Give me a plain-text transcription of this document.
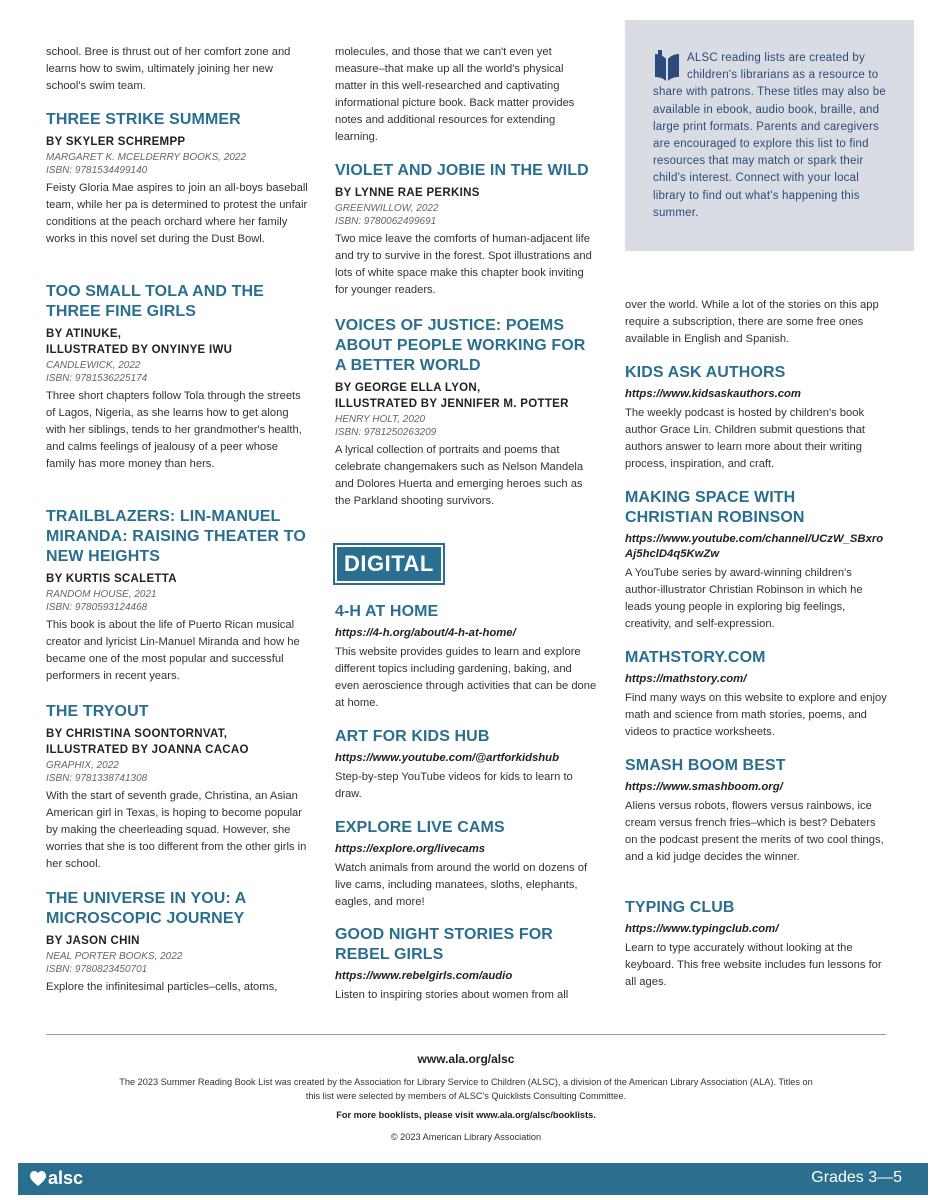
school. Bree is thrust out of her comfort zone and learns how to swim, ultimately joining her new school's swim team.
THREE STRIKE SUMMER
BY SKYLER SCHREMPP
MARGARET K. MCELDERRY BOOKS, 2022
ISBN: 9781534499140
Feisty Gloria Mae aspires to join an all-boys baseball team, while her pa is determined to protest the unfair conditions at the peach orchard where her family works in this novel set during the Dust Bowl.
TOO SMALL TOLA AND THE THREE FINE GIRLS
BY ATINUKE,
ILLUSTRATED BY ONYINYE IWU
CANDLEWICK, 2022
ISBN: 9781536225174
Three short chapters follow Tola through the streets of Lagos, Nigeria, as she learns how to get along with her siblings, tends to her grandmother's health, and calms feelings of jealousy of a peer whose family has more money than hers.
TRAILBLAZERS: LIN-MANUEL MIRANDA: RAISING THEATER TO NEW HEIGHTS
BY KURTIS SCALETTA
RANDOM HOUSE, 2021
ISBN: 9780593124468
This book is about the life of Puerto Rican musical creator and lyricist Lin-Manuel Miranda and how he became one of the most popular and successful performers in recent years.
THE TRYOUT
BY CHRISTINA SOONTORNVAT,
ILLUSTRATED BY JOANNA CACAO
GRAPHIX, 2022
ISBN: 9781338741308
With the start of seventh grade, Christina, an Asian American girl in Texas, is hoping to become popular by making the cheerleading squad. However, she worries that she is too different from the other girls in her school.
THE UNIVERSE IN YOU: A MICROSCOPIC JOURNEY
BY JASON CHIN
NEAL PORTER BOOKS, 2022
ISBN: 9780823450701
Explore the infinitesimal particles–cells, atoms,
molecules, and those that we can't even yet measure–that make up all the world's physical matter in this well-researched and captivating informational picture book. Back matter provides notes and additional resources for extending learning.
VIOLET AND JOBIE IN THE WILD
BY LYNNE RAE PERKINS
GREENWILLOW, 2022
ISBN: 9780062499691
Two mice leave the comforts of human-adjacent life and try to survive in the forest. Spot illustrations and lots of white space make this chapter book inviting for younger readers.
VOICES OF JUSTICE: POEMS ABOUT PEOPLE WORKING FOR A BETTER WORLD
BY GEORGE ELLA LYON,
ILLUSTRATED BY JENNIFER M. POTTER
HENRY HOLT, 2020
ISBN: 9781250263209
A lyrical collection of portraits and poems that celebrate changemakers such as Nelson Mandela and Dolores Huerta and emerging heroes such as the Parkland shooting survivors.
4-H AT HOME
https://4-h.org/about/4-h-at-home/
This website provides guides to learn and explore different topics including gardening, baking, and even aeroscience through activities that can be done at home.
ART FOR KIDS HUB
https://www.youtube.com/@artforkidshub
Step-by-step YouTube videos for kids to learn to draw.
EXPLORE LIVE CAMS
https://explore.org/livecams
Watch animals from around the world on dozens of live cams, including manatees, sloths, elephants, eagles, and more!
GOOD NIGHT STORIES FOR REBEL GIRLS
https://www.rebelgirls.com/audio
Listen to inspiring stories about women from all
DIGITAL
ALSC reading lists are created by children's librarians as a resource to share with patrons. These titles may also be available in ebook, audio book, braille, and large print formats. Parents and caregivers are encouraged to explore this list to find resources that may match or spark their child's interest. Connect with your local library to find out what's happening this summer.
over the world. While a lot of the stories on this app require a subscription, there are some free ones available in English and Spanish.
KIDS ASK AUTHORS
https://www.kidsaskauthors.com
The weekly podcast is hosted by children's book author Grace Lin. Children submit questions that authors answer to learn more about their writing process, inspiration, and craft.
MAKING SPACE WITH CHRISTIAN ROBINSON
https://www.youtube.com/channel/UCzW_SBxroAj5hclD4q5KwZw
A YouTube series by award-winning children's author-illustrator Christian Robinson in which he leads young people in exploring big feelings, creativity, and self-expression.
MATHSTORY.COM
https://mathstory.com/
Find many ways on this website to explore and enjoy math and science from math stories, poems, and videos to practice worksheets.
SMASH BOOM BEST
https://www.smashboom.org/
Aliens versus robots, flowers versus rainbows, ice cream versus french fries–which is best? Debaters on the podcast present the merits of two cool things, and a kid judge decides the winner.
TYPING CLUB
https://www.typingclub.com/
Learn to type accurately without looking at the keyboard. This free website includes fun lessons for all ages.
www.ala.org/alsc
The 2023 Summer Reading Book List was created by the Association for Library Service to Children (ALSC), a division of the American Library Association (ALA). Titles on this list were selected by members of ALSC's Quicklists Consulting Committee.
For more booklists, please visit www.ala.org/alsc/booklists.
© 2023 American Library Association
alsc	Grades 3—5
